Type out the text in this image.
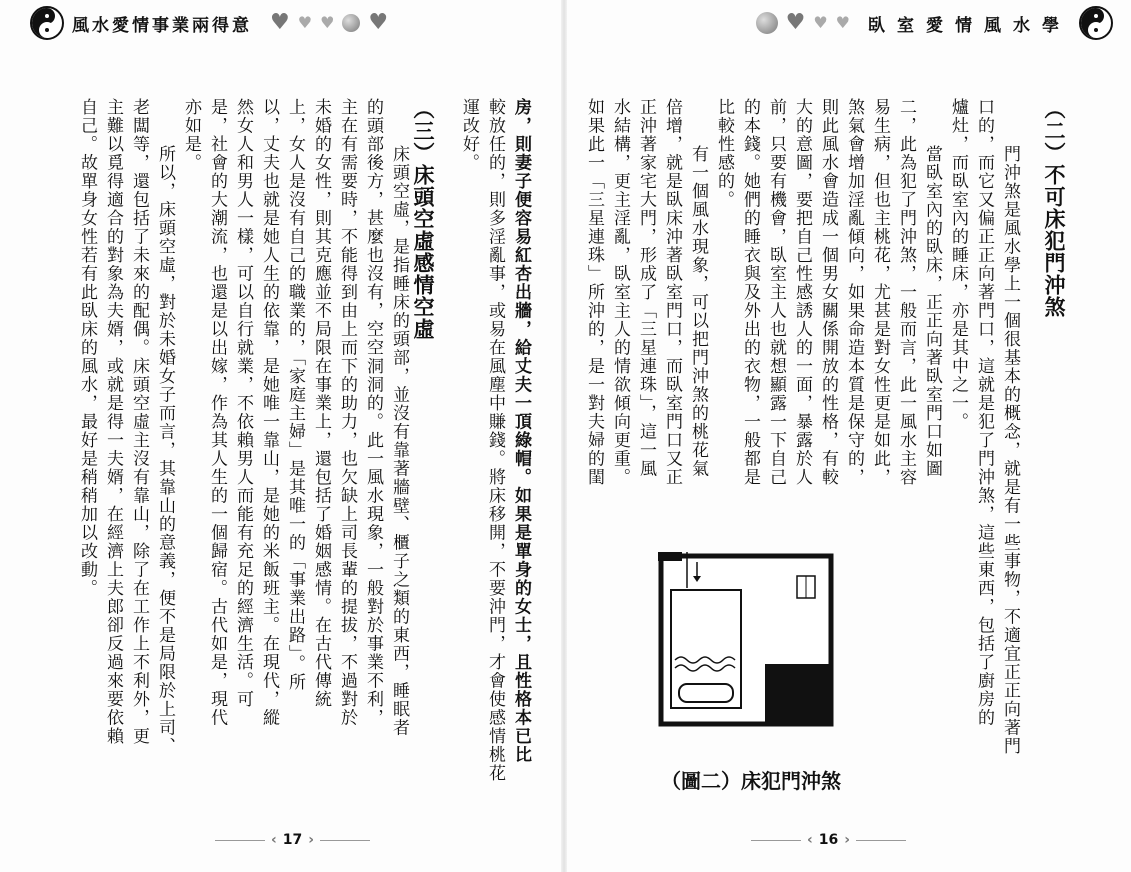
風水愛情事業兩得意 ♥ ♥ ♥ ♥
房，則妻子便容易紅杏出牆，給丈夫一頂綠帽。如果是單身的女士，且性格本已比
較放任的，則多淫亂事，或易在風塵中賺錢。將床移開，不要沖門，才會使感情桃花
運改好。
（三）床頭空虛感情空虛
床頭空虛，是指睡床的頭部，並沒有靠著牆壁、櫃子之類的東西，睡眠者
的頭部後方，甚麼也沒有，空空洞洞的。此一風水現象，一般對於事業不利，
主在有需要時，不能得到由上而下的助力，也欠缺上司長輩的提拔，不過對於
未婚的女性，則其克應並不局限在事業上，還包括了婚姻感情。在古代傳統
上，女人是沒有自己的職業的，「家庭主婦」是其唯一的「事業出路」。所
以，丈夫也就是她人生的依靠，是她唯一靠山，是她的米飯班主。在現代，縱
然女人和男人一樣，可以自行就業，不依賴男人而能有充足的經濟生活。可
是，社會的大潮流，也還是以出嫁，作為其人生的一個歸宿。古代如是，現代
亦如是。
所以，床頭空虛，對於未婚女子而言，其靠山的意義，便不是局限於上司、
老闆等，還包括了未來的配偶。床頭空虛主沒有靠山，除了在工作上不利外，更
主難以覓得適合的對象為夫婿，或就是得一夫婿，在經濟上夫郎卻反過來要依賴
自己。故單身女性若有此臥床的風水，最好是稍稍加以改動。
‹ 17 ›
♥ ♥ ♥ 臥室愛情風水學
（二）不可床犯門沖煞
門沖煞是風水學上一個很基本的概念，就是有一些事物，不適宜正正向著門
口的，而它又偏正正向著門口，這就是犯了門沖煞，這些東西，包括了廚房的
爐灶，而臥室內的睡床，亦是其中之一。
當臥室內的臥床，正正向著臥室門口如圖
二，此為犯了門沖煞，一般而言，此一風水主容
易生病，但也主桃花，尤甚是對女性更是如此，
煞氣會增加淫亂傾向，如果命造本質是保守的，
則此風水會造成一個男女關係開放的性格，有較
大的意圖，要把自己性感誘人的一面，暴露於人
前，只要有機會，臥室主人也就想顯露一下自己
的本錢。她們的睡衣與及外出的衣物，一般都是
比較性感的。
有一個風水現象，可以把門沖煞的桃花氣
倍增，就是臥床沖著臥室門口，而臥室門口又正
正沖著家宅大門，形成了「三星連珠」，這一風
水結構，更主淫亂，臥室主人的情欲傾向更重。
如果此一「三星連珠」所沖的，是一對夫婦的閨
（圖二）床犯門沖煞
‹ 16 ›
